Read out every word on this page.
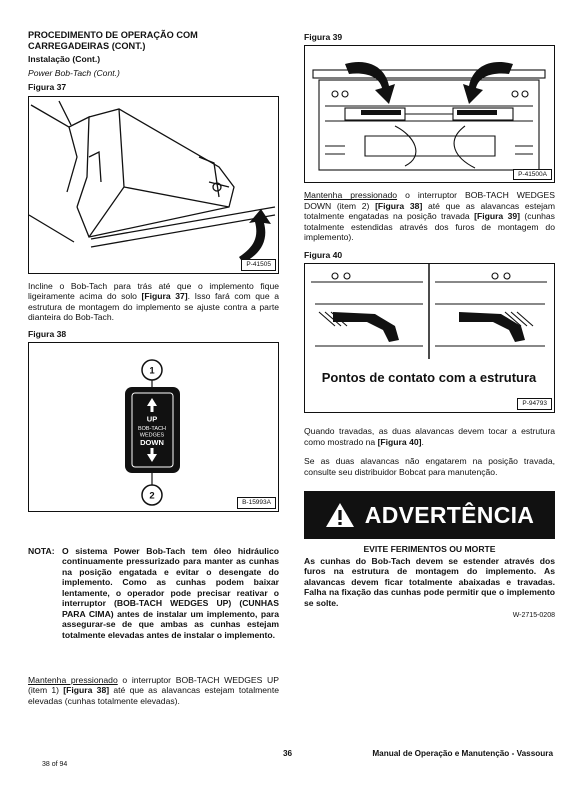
PROCEDIMENTO DE OPERAÇÃO COM CARREGADEIRAS (CONT.)
Instalação (Cont.)
Power Bob-Tach (Cont.)
Figura 37
P-41505
Incline o Bob-Tach para trás até que o implemento fique ligeiramente acima do solo [Figura 37]. Isso fará com que a estrutura de montagem do implemento se ajuste contra a parte dianteira do Bob-Tach.
Figura 38
UP
BOB-TACH
WEDGES
DOWN
1
2
B-15993A
NOTA: O sistema Power Bob-Tach tem óleo hidráulico continuamente pressurizado para manter as cunhas na posição engatada e evitar o desengate do implemento. Como as cunhas podem baixar lentamente, o operador pode precisar reativar o interruptor (BOB-TACH WEDGES UP) (CUNHAS PARA CIMA) antes de instalar um implemento, para assegurar-se de que ambas as cunhas estejam totalmente elevadas antes de instalar o implemento.
Mantenha pressionado o interruptor BOB-TACH WEDGES UP (item 1) [Figura 38] até que as alavancas estejam totalmente elevadas (cunhas totalmente elevadas).
Figura 39
P-41500A
Mantenha pressionado o interruptor BOB-TACH WEDGES DOWN (item 2) [Figura 38] até que as alavancas estejam totalmente engatadas na posição travada [Figura 39] (cunhas totalmente estendidas através dos furos de montagem do implemento).
Figura 40
Pontos de contato com a estrutura
P-94793
Quando travadas, as duas alavancas devem tocar a estrutura como mostrado na [Figura 40].
Se as duas alavancas não engatarem na posição travada, consulte seu distribuidor Bobcat para manutenção.
ADVERTÊNCIA
EVITE FERIMENTOS OU MORTE
As cunhas do Bob-Tach devem se estender através dos furos na estrutura de montagem do implemento. As alavancas devem ficar totalmente abaixadas e travadas. Falha na fixação das cunhas pode permitir que o implemento se solte.
W-2715-0208
36	Manual de Operação e Manutenção - Vassoura
38 of 94
